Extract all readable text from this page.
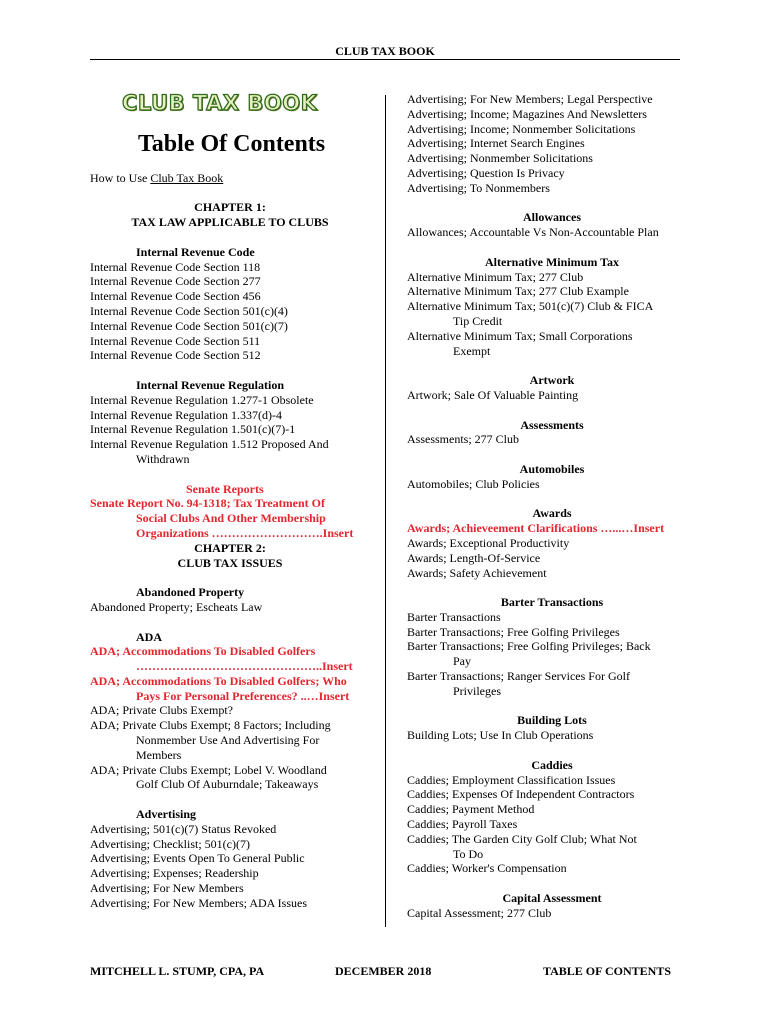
CLUB TAX BOOK
CLUB TAX BOOK
Table Of Contents
How to Use Club Tax Book
CHAPTER 1:
TAX LAW APPLICABLE TO CLUBS
Internal Revenue Code
Internal Revenue Code Section 118
Internal Revenue Code Section 277
Internal Revenue Code Section 456
Internal Revenue Code Section 501(c)(4)
Internal Revenue Code Section 501(c)(7)
Internal Revenue Code Section 511
Internal Revenue Code Section 512
Internal Revenue Regulation
Internal Revenue Regulation 1.277-1 Obsolete
Internal Revenue Regulation 1.337(d)-4
Internal Revenue Regulation 1.501(c)(7)-1
Internal Revenue Regulation 1.512 Proposed And
Withdrawn
Senate Reports
Senate Report No. 94-1318; Tax Treatment Of
Social Clubs And Other Membership
Organizations ……………………….Insert
CHAPTER 2:
CLUB TAX ISSUES
Abandoned Property
Abandoned Property; Escheats Law
ADA
ADA; Accommodations To Disabled Golfers
………………………………………..Insert
ADA; Accommodations To Disabled Golfers; Who
Pays For Personal Preferences? ..…Insert
ADA; Private Clubs Exempt?
ADA; Private Clubs Exempt; 8 Factors; Including
Nonmember Use And Advertising For
Members
ADA; Private Clubs Exempt; Lobel V. Woodland
Golf Club Of Auburndale; Takeaways
Advertising
Advertising; 501(c)(7) Status Revoked
Advertising; Checklist; 501(c)(7)
Advertising; Events Open To General Public
Advertising; Expenses; Readership
Advertising; For New Members
Advertising; For New Members; ADA Issues
Advertising; For New Members; Legal Perspective
Advertising; Income; Magazines And Newsletters
Advertising; Income; Nonmember Solicitations
Advertising; Internet Search Engines
Advertising; Nonmember Solicitations
Advertising; Question Is Privacy
Advertising; To Nonmembers
Allowances
Allowances; Accountable Vs Non-Accountable Plan
Alternative Minimum Tax
Alternative Minimum Tax; 277 Club
Alternative Minimum Tax; 277 Club Example
Alternative Minimum Tax; 501(c)(7) Club & FICA
Tip Credit
Alternative Minimum Tax; Small Corporations
Exempt
Artwork
Artwork; Sale Of Valuable Painting
Assessments
Assessments; 277 Club
Automobiles
Automobiles; Club Policies
Awards
Awards; Achieveement Clarifications …...…Insert
Awards; Exceptional Productivity
Awards; Length-Of-Service
Awards; Safety Achievement
Barter Transactions
Barter Transactions
Barter Transactions; Free Golfing Privileges
Barter Transactions; Free Golfing Privileges; Back
Pay
Barter Transactions; Ranger Services For Golf
Privileges
Building Lots
Building Lots; Use In Club Operations
Caddies
Caddies; Employment Classification Issues
Caddies; Expenses Of Independent Contractors
Caddies; Payment Method
Caddies; Payroll Taxes
Caddies; The Garden City Golf Club; What Not
To Do
Caddies; Worker's Compensation
Capital Assessment
Capital Assessment; 277 Club
MITCHELL L. STUMP, CPA, PA	DECEMBER 2018	TABLE OF CONTENTS
